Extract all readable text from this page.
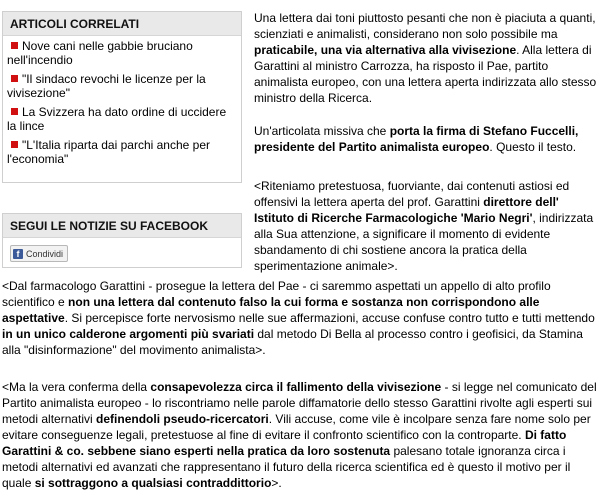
ARTICOLI CORRELATI
Nove cani nelle gabbie bruciano nell'incendio
"Il sindaco revochi le licenze per la vivisezione"
La Svizzera ha dato ordine di uccidere la lince
"L'Italia riparta dai parchi anche per l'economia"
SEGUI LE NOTIZIE SU FACEBOOK
f Condividi

Una lettera dai toni piuttosto pesanti che non è piaciuta a quanti, scienziati e animalisti, considerano non solo possibile ma praticabile, una via alternativa alla vivisezione. Alla lettera di Garattini al ministro Carrozza, ha risposto il Pae, partito animalista europeo, con una lettera aperta indirizzata allo stesso ministro della Ricerca.

Un'articolata missiva che porta la firma di Stefano Fuccelli, presidente del Partito animalista europeo. Questo il testo.

<Riteniamo pretestuosa, fuorviante, dai contenuti astiosi ed offensivi la lettera aperta del prof. Garattini direttore dell' Istituto di Ricerche Farmacologiche 'Mario Negri', indirizzata alla Sua attenzione, a significare il momento di evidente sbandamento di chi sostiene ancora la pratica della sperimentazione animale>.

<Dal farmacologo Garattini - prosegue la lettera del Pae - ci saremmo aspettati un appello di alto profilo scientifico e non una lettera dal contenuto falso la cui forma e sostanza non corrispondono alle aspettative. Si percepisce forte nervosismo nelle sue affermazioni, accuse confuse contro tutto e tutti mettendo in un unico calderone argomenti più svariati dal metodo Di Bella al processo contro i geofisici, da Stamina alla "disinformazione" del movimento animalista>.

<Ma la vera conferma della consapevolezza circa il fallimento della vivisezione - si legge nel comunicato del Partito animalista europeo - lo riscontriamo nelle parole diffamatorie dello stesso Garattini rivolte agli esperti sui metodi alternativi definendoli pseudo-ricercatori. Vili accuse, come vile è incolpare senza fare nome solo per evitare conseguenze legali, pretestuose al fine di evitare il confronto scientifico con la controparte. Di fatto Garattini & co. sebbene siano esperti nella pratica da loro sostenuta palesano totale ignoranza circa i metodi alternativi ed avanzati che rappresentano il futuro della ricerca scientifica ed è questo il motivo per il quale si sottraggono a qualsiasi contraddittorio>.
